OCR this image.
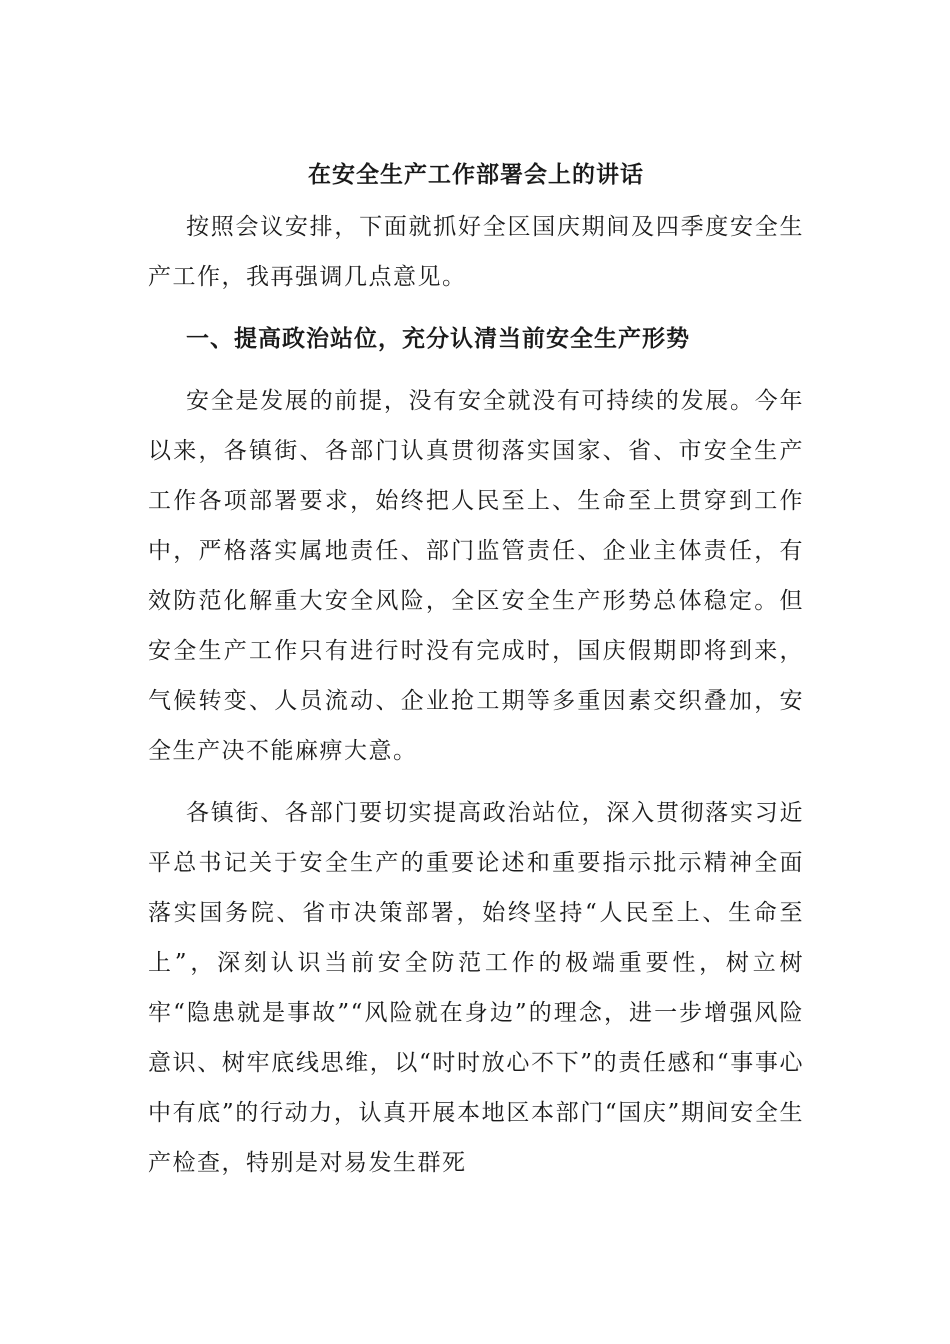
在安全生产工作部署会上的讲话

按照会议安排，下面就抓好全区国庆期间及四季度安全生产工作，我再强调几点意见。

一、提高政治站位，充分认清当前安全生产形势

安全是发展的前提，没有安全就没有可持续的发展。今年以来，各镇街、各部门认真贯彻落实国家、省、市安全生产工作各项部署要求，始终把人民至上、生命至上贯穿到工作中，严格落实属地责任、部门监管责任、企业主体责任，有效防范化解重大安全风险，全区安全生产形势总体稳定。但安全生产工作只有进行时没有完成时，国庆假期即将到来，气候转变、人员流动、企业抢工期等多重因素交织叠加，安全生产决不能麻痹大意。

各镇街、各部门要切实提高政治站位，深入贯彻落实习近平总书记关于安全生产的重要论述和重要指示批示精神全面落实国务院、省市决策部署，始终坚持“人民至上、生命至上”，深刻认识当前安全防范工作的极端重要性，树立树牢“隐患就是事故”“风险就在身边”的理念，进一步增强风险意识、树牢底线思维，以“时时放心不下”的责任感和“事事心中有底”的行动力，认真开展本地区本部门“国庆”期间安全生产检查，特别是对易发生群死
